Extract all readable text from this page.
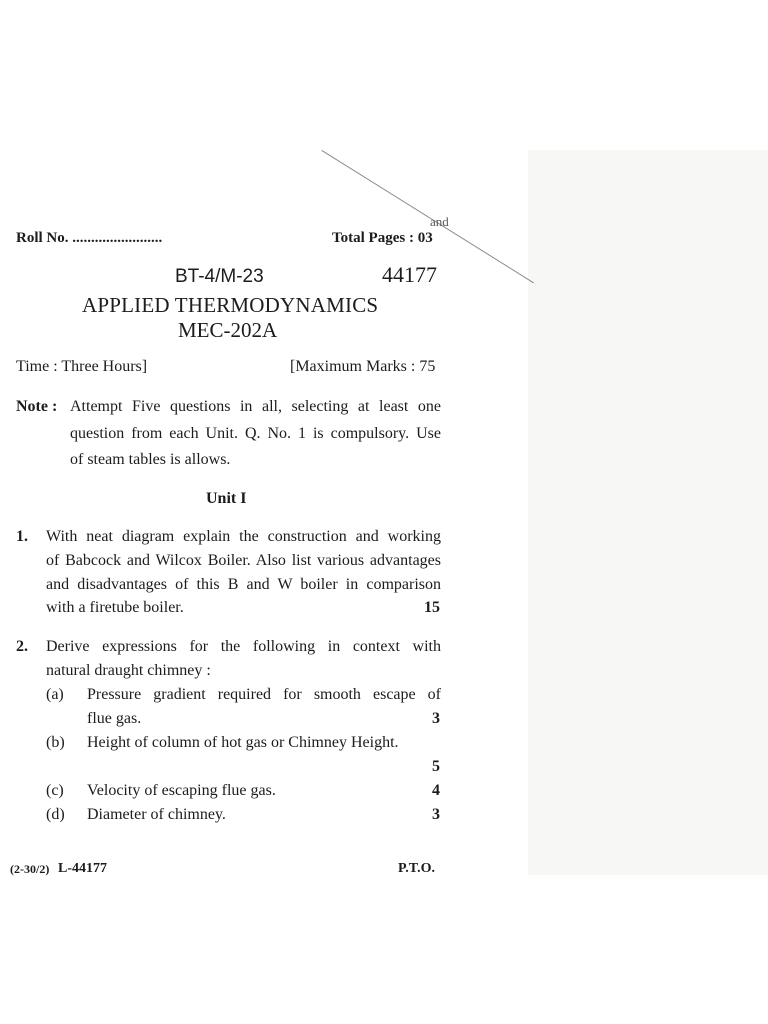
and
Roll No. ........................	Total Pages : 03
BT-4/M-23	44177
APPLIED THERMODYNAMICS
MEC-202A
Time : Three Hours]	[Maximum Marks : 75
Note : Attempt Five questions in all, selecting at least one
question from each Unit. Q. No. 1 is compulsory. Use
of steam tables is allows.
Unit I
1. With neat diagram explain the construction and working
of Babcock and Wilcox Boiler. Also list various advantages
and disadvantages of this B and W boiler in comparison
with a firetube boiler.	15
2. Derive expressions for the following in context with
natural draught chimney :
(a) Pressure gradient required for smooth escape of
flue gas.	3
(b) Height of column of hot gas or Chimney Height.
5
(c) Velocity of escaping flue gas.	4
(d) Diameter of chimney.	3
(2-30/2) L-44177	P.T.O.
